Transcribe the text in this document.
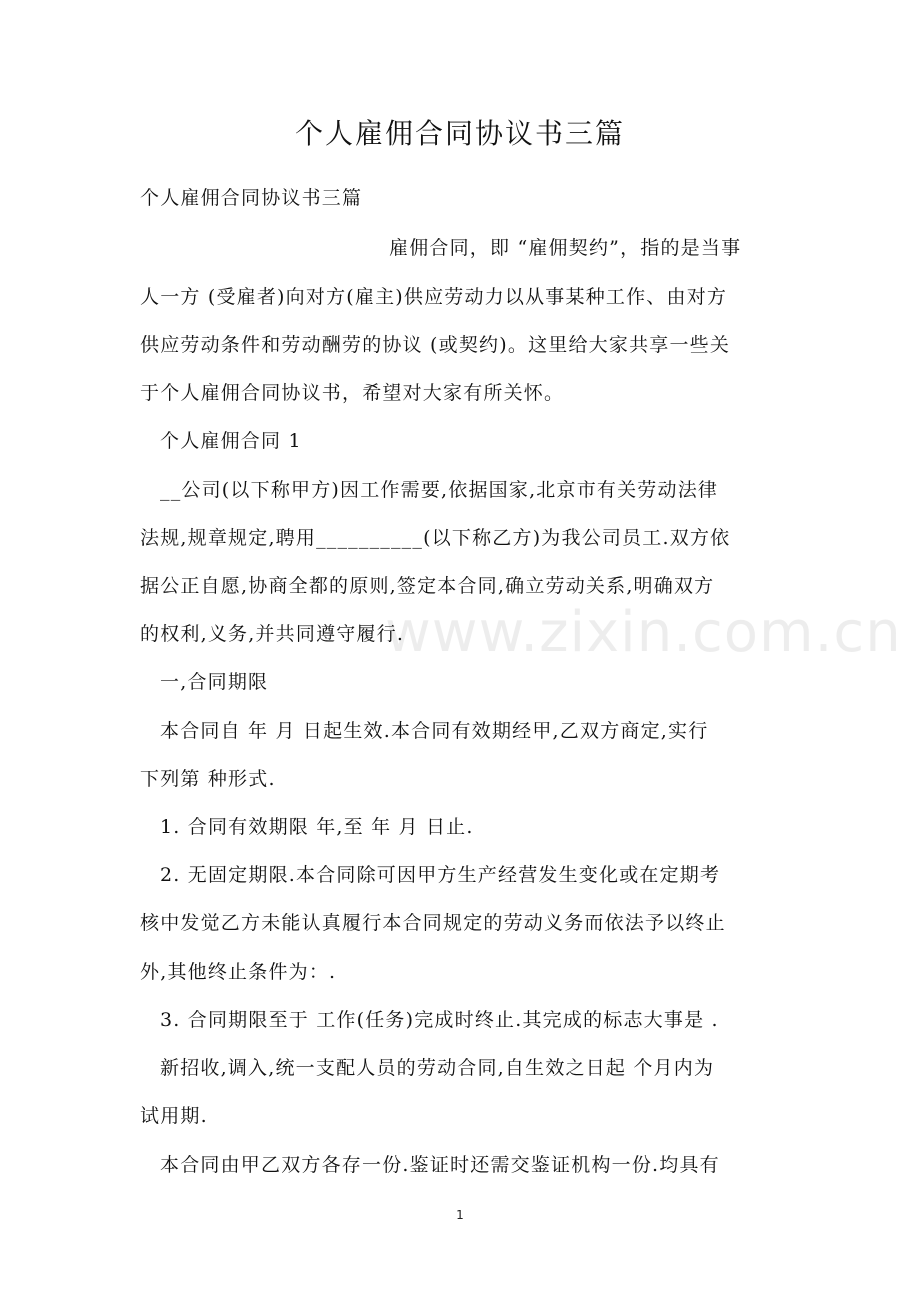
个人雇佣合同协议书三篇
个人雇佣合同协议书三篇
雇佣合同，即 “雇佣契约”，指的是当事
人一方 (受雇者)向对方(雇主)供应劳动力以从事某种工作、由对方
供应劳动条件和劳动酬劳的协议 (或契约)。这里给大家共享一些关
于个人雇佣合同协议书，希望对大家有所关怀。
个人雇佣合同 1
__公司(以下称甲方)因工作需要,依据国家,北京市有关劳动法律
法规,规章规定,聘用__________(以下称乙方)为我公司员工.双方依
据公正自愿,协商全都的原则,签定本合同,确立劳动关系,明确双方
的权利,义务,并共同遵守履行.
一,合同期限
本合同自 年 月 日起生效.本合同有效期经甲,乙双方商定,实行
下列第 种形式.
1. 合同有效期限 年,至 年 月 日止.
2. 无固定期限.本合同除可因甲方生产经营发生变化或在定期考
核中发觉乙方未能认真履行本合同规定的劳动义务而依法予以终止
外,其他终止条件为：.
3. 合同期限至于 工作(任务)完成时终止.其完成的标志大事是 .
新招收,调入,统一支配人员的劳动合同,自生效之日起 个月内为
试用期.
本合同由甲乙双方各存一份.鉴证时还需交鉴证机构一份.均具有
www.zixin.com.cn
1
